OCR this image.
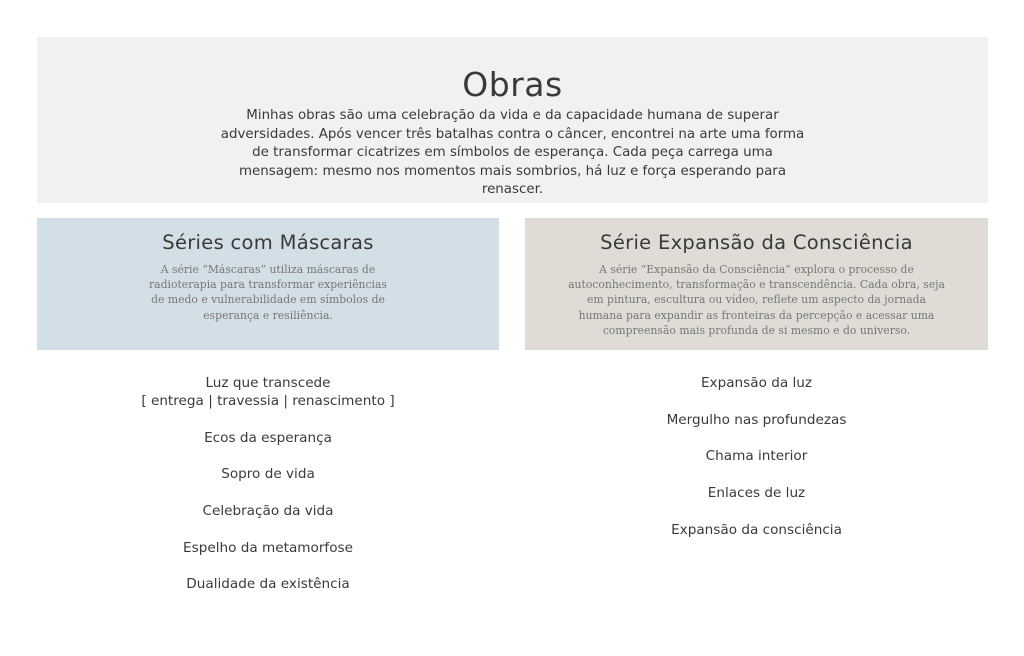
Obras

Minhas obras são uma celebração da vida e da capacidade humana de superar adversidades. Após vencer três batalhas contra o câncer, encontrei na arte uma forma de transformar cicatrizes em símbolos de esperança. Cada peça carrega uma mensagem: mesmo nos momentos mais sombrios, há luz e força esperando para renascer.

Séries com Máscaras

A série “Máscaras” utiliza máscaras de radioterapia para transformar experiências de medo e vulnerabilidade em símbolos de esperança e resiliência.

Série Expansão da Consciência

A série “Expansão da Consciência” explora o processo de autoconhecimento, transformação e transcendência. Cada obra, seja em pintura, escultura ou vídeo, reflete um aspecto da jornada humana para expandir as fronteiras da percepção e acessar uma compreensão mais profunda de si mesmo e do universo.

Luz que transcede
[ entrega | travessia | renascimento ]
Ecos da esperança
Sopro de vida
Celebração da vida
Espelho da metamorfose
Dualidade da existência
Expansão da luz
Mergulho nas profundezas
Chama interior
Enlaces de luz
Expansão da consciência
